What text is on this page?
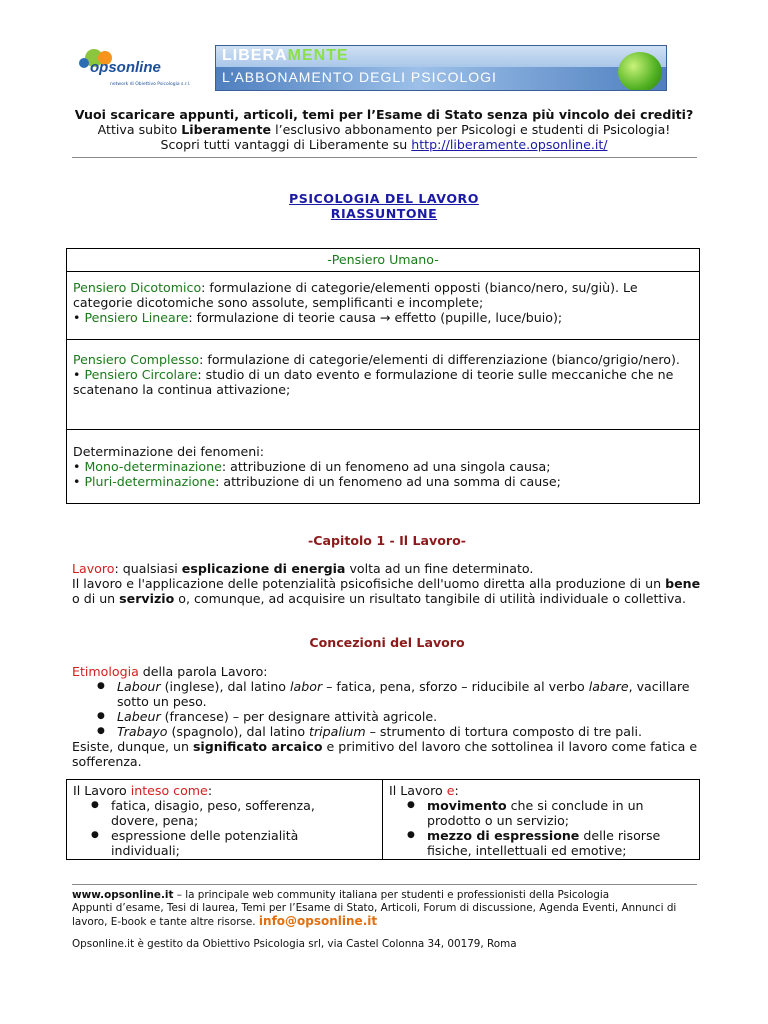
opsonline
network di Obiettivo Psicologia s.r.l.
LIBERAMENTE
L'ABBONAMENTO DEGLI PSICOLOGI
Vuoi scaricare appunti, articoli, temi per l’Esame di Stato senza più vincolo dei crediti?
Attiva subito Liberamente l’esclusivo abbonamento per Psicologi e studenti di Psicologia!
Scopri tutti vantaggi di Liberamente su http://liberamente.opsonline.it/
PSICOLOGIA DEL LAVORO
RIASSUNTONE
-Pensiero Umano-
Pensiero Dicotomico: formulazione di categorie/elementi opposti (bianco/nero, su/giù). Le categorie dicotomiche sono assolute, semplificanti e incomplete;
• Pensiero Lineare: formulazione di teorie causa → effetto (pupille, luce/buio);
Pensiero Complesso: formulazione di categorie/elementi di differenziazione (bianco/grigio/nero).
• Pensiero Circolare: studio di un dato evento e formulazione di teorie sulle meccaniche che ne scatenano la continua attivazione;
Determinazione dei fenomeni:
• Mono-determinazione: attribuzione di un fenomeno ad una singola causa;
• Pluri-determinazione: attribuzione di un fenomeno ad una somma di cause;
-Capitolo 1 - Il Lavoro-
Lavoro: qualsiasi esplicazione di energia volta ad un fine determinato.
Il lavoro e l'applicazione delle potenzialità psicofisiche dell'uomo diretta alla produzione di un bene o di un servizio o, comunque, ad acquisire un risultato tangibile di utilità individuale o collettiva.
Concezioni del Lavoro
Etimologia della parola Lavoro:
● Labour (inglese), dal latino labor – fatica, pena, sforzo – riducibile al verbo labare, vacillare sotto un peso.
● Labeur (francese) – per designare attività agricole.
● Trabayo (spagnolo), dal latino tripalium – strumento di tortura composto di tre pali.
Esiste, dunque, un significato arcaico e primitivo del lavoro che sottolinea il lavoro come fatica e sofferenza.
Il Lavoro inteso come:
● fatica, disagio, peso, sofferenza, dovere, pena;
● espressione delle potenzialità individuali;
Il Lavoro e:
● movimento che si conclude in un prodotto o un servizio;
● mezzo di espressione delle risorse fisiche, intellettuali ed emotive;
www.opsonline.it – la principale web community italiana per studenti e professionisti della Psicologia
Appunti d’esame, Tesi di laurea, Temi per l’Esame di Stato, Articoli, Forum di discussione, Agenda Eventi, Annunci di lavoro, E-book e tante altre risorse. info@opsonline.it
Opsonline.it è gestito da Obiettivo Psicologia srl, via Castel Colonna 34, 00179, Roma
